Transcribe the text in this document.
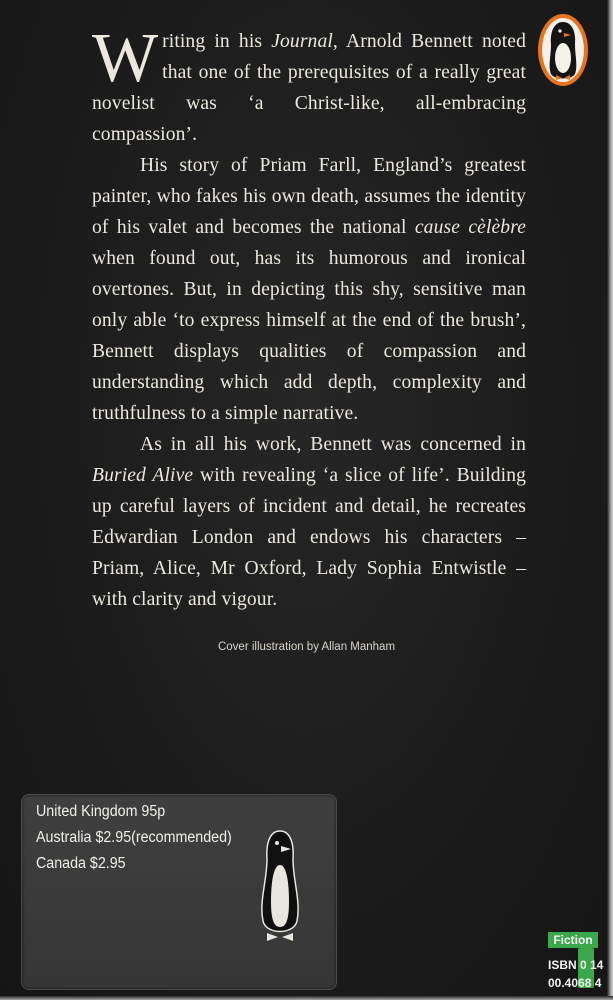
Writing in his Journal, Arnold Bennett noted that one of the prerequisites of a really great novelist was ‘a Christ-like, all-embracing compassion’.

His story of Priam Farll, England’s greatest painter, who fakes his own death, assumes the identity of his valet and becomes the national cause cèlèbre when found out, has its humorous and ironical overtones. But, in depicting this shy, sensitive man only able ‘to express himself at the end of the brush’, Bennett displays qualities of compassion and understanding which add depth, complexity and truthfulness to a simple narrative.

As in all his work, Bennett was concerned in Buried Alive with revealing ‘a slice of life’. Building up careful layers of incident and detail, he recreates Edwardian London and endows his characters – Priam, Alice, Mr Oxford, Lady Sophia Entwistle – with clarity and vigour.

Cover illustration by Allan Manham
United Kingdom 95p
Australia $2.95(recommended)
Canada $2.95
Fiction
ISBN 0 14
00.4068 4
